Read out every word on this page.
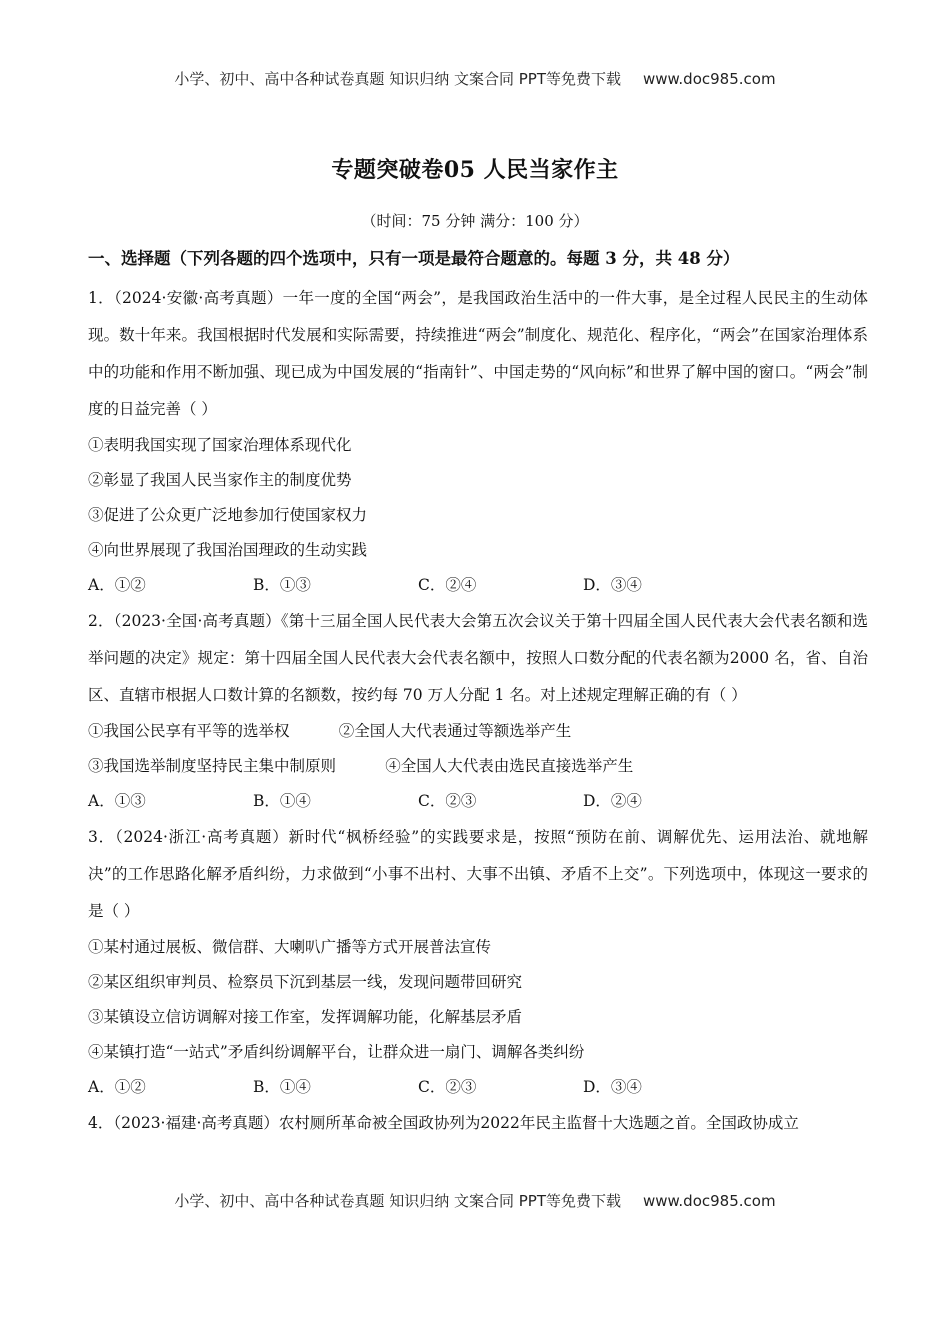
小学、初中、高中各种试卷真题 知识归纳 文案合同 PPT等免费下载 www.doc985.com
专题突破卷05 人民当家作主
（时间：75 分钟 满分：100 分）
一、选择题（下列各题的四个选项中，只有一项是最符合题意的。每题 3 分，共 48 分）
1．（2024·安徽·高考真题）一年一度的全国“两会”，是我国政治生活中的一件大事，是全过程人民民主的生动体现。数十年来。我国根据时代发展和实际需要，持续推进“两会”制度化、规范化、程序化，“两会”在国家治理体系中的功能和作用不断加强、现已成为中国发展的“指南针”、中国走势的“风向标”和世界了解中国的窗口。“两会”制度的日益完善（ ）
①表明我国实现了国家治理体系现代化
②彰显了我国人民当家作主的制度优势
③促进了公众更广泛地参加行使国家权力
④向世界展现了我国治国理政的生动实践
A．①②	B．①③	C．②④	D．③④
2．（2023·全国·高考真题）《第十三届全国人民代表大会第五次会议关于第十四届全国人民代表大会代表名额和选举问题的决定》规定：第十四届全国人民代表大会代表名额中，按照人口数分配的代表名额为2000 名，省、自治区、直辖市根据人口数计算的名额数，按约每 70 万人分配 1 名。对上述规定理解正确的有（ ）
①我国公民享有平等的选举权          ②全国人大代表通过等额选举产生
③我国选举制度坚持民主集中制原则          ④全国人大代表由选民直接选举产生
A．①③	B．①④	C．②③	D．②④
3．（2024·浙江·高考真题）新时代“枫桥经验”的实践要求是，按照“预防在前、调解优先、运用法治、就地解决”的工作思路化解矛盾纠纷，力求做到“小事不出村、大事不出镇、矛盾不上交”。下列选项中，体现这一要求的是（ ）
①某村通过展板、微信群、大喇叭广播等方式开展普法宣传
②某区组织审判员、检察员下沉到基层一线，发现问题带回研究
③某镇设立信访调解对接工作室，发挥调解功能，化解基层矛盾
④某镇打造“一站式”矛盾纠纷调解平台，让群众进一扇门、调解各类纠纷
A．①②	B．①④	C．②③	D．③④
4．（2023·福建·高考真题）农村厕所革命被全国政协列为2022年民主监督十大选题之首。全国政协成立
小学、初中、高中各种试卷真题 知识归纳 文案合同 PPT等免费下载 www.doc985.com
